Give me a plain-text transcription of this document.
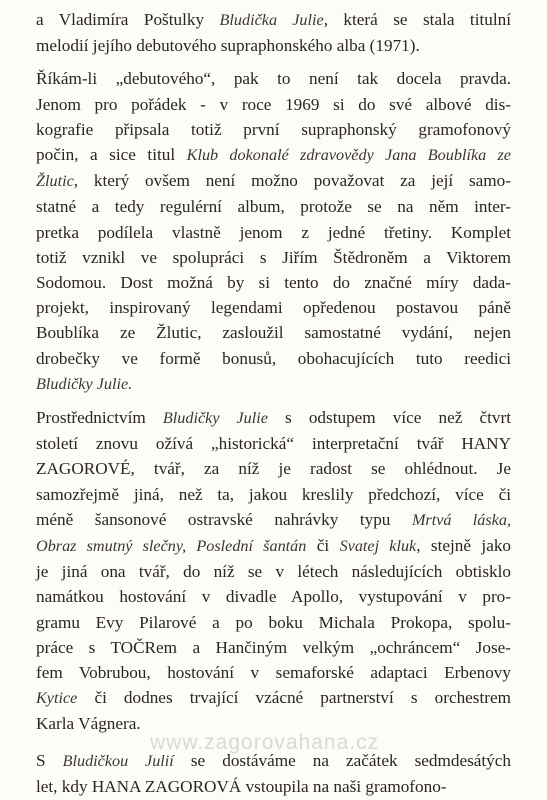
a Vladimíra Poštulky Bludička Julie, která se stala titulní
melodií jejího debutového supraphonského alba (1971).

Říkám-li „debutového“, pak to není tak docela pravda.
Jenom pro pořádek - v roce 1969 si do své albové dis-
kografie připsala totiž první supraphonský gramofonový
počin, a sice titul Klub dokonalé zdravovědy Jana Boublíka ze
Žlutic, který ovšem není možno považovat za její samo-
statné a tedy regulérní album, protože se na něm inter-
pretka podílela vlastně jenom z jedné třetiny. Komplet
totiž vznikl ve spolupráci s Jiřím Štědroněm a Viktorem
Sodomou. Dost možná by si tento do značné míry dada-
projekt, inspirovaný legendami opředenou postavou páně
Boublíka ze Žlutic, zasloužil samostatné vydání, nejen
drobečky ve formě bonusů, obohacujících tuto reedici
Bludičky Julie.

Prostřednictvím Bludičky Julie s odstupem více než čtvrt
století znovu ožívá „historická“ interpretační tvář HANY
ZAGOROVÉ, tvář, za níž je radost se ohlédnout. Je
samozřejmě jiná, než ta, jakou kreslily předchozí, více či
méně šansonové ostravské nahrávky typu Mrtvá láska,
Obraz smutný slečny, Poslední šantán či Svatej kluk, stejně jako
je jiná ona tvář, do níž se v létech následujících obtisklo
namátkou hostování v divadle Apollo, vystupování v pro-
gramu Evy Pilarové a po boku Michala Prokopa, spolu-
práce s TOČRem a Hančiným velkým „ochráncem“ Jose-
fem Vobrubou, hostování v semaforské adaptaci Erbenovy
Kytice či dodnes trvající vzácné partnerství s orchestrem
Karla Vágnera.

S Bludičkou Julií se dostáváme na začátek sedmdesátých
let, kdy HANA ZAGOROVÁ vstoupila na naši gramofono-

www.zagorovahana.cz
